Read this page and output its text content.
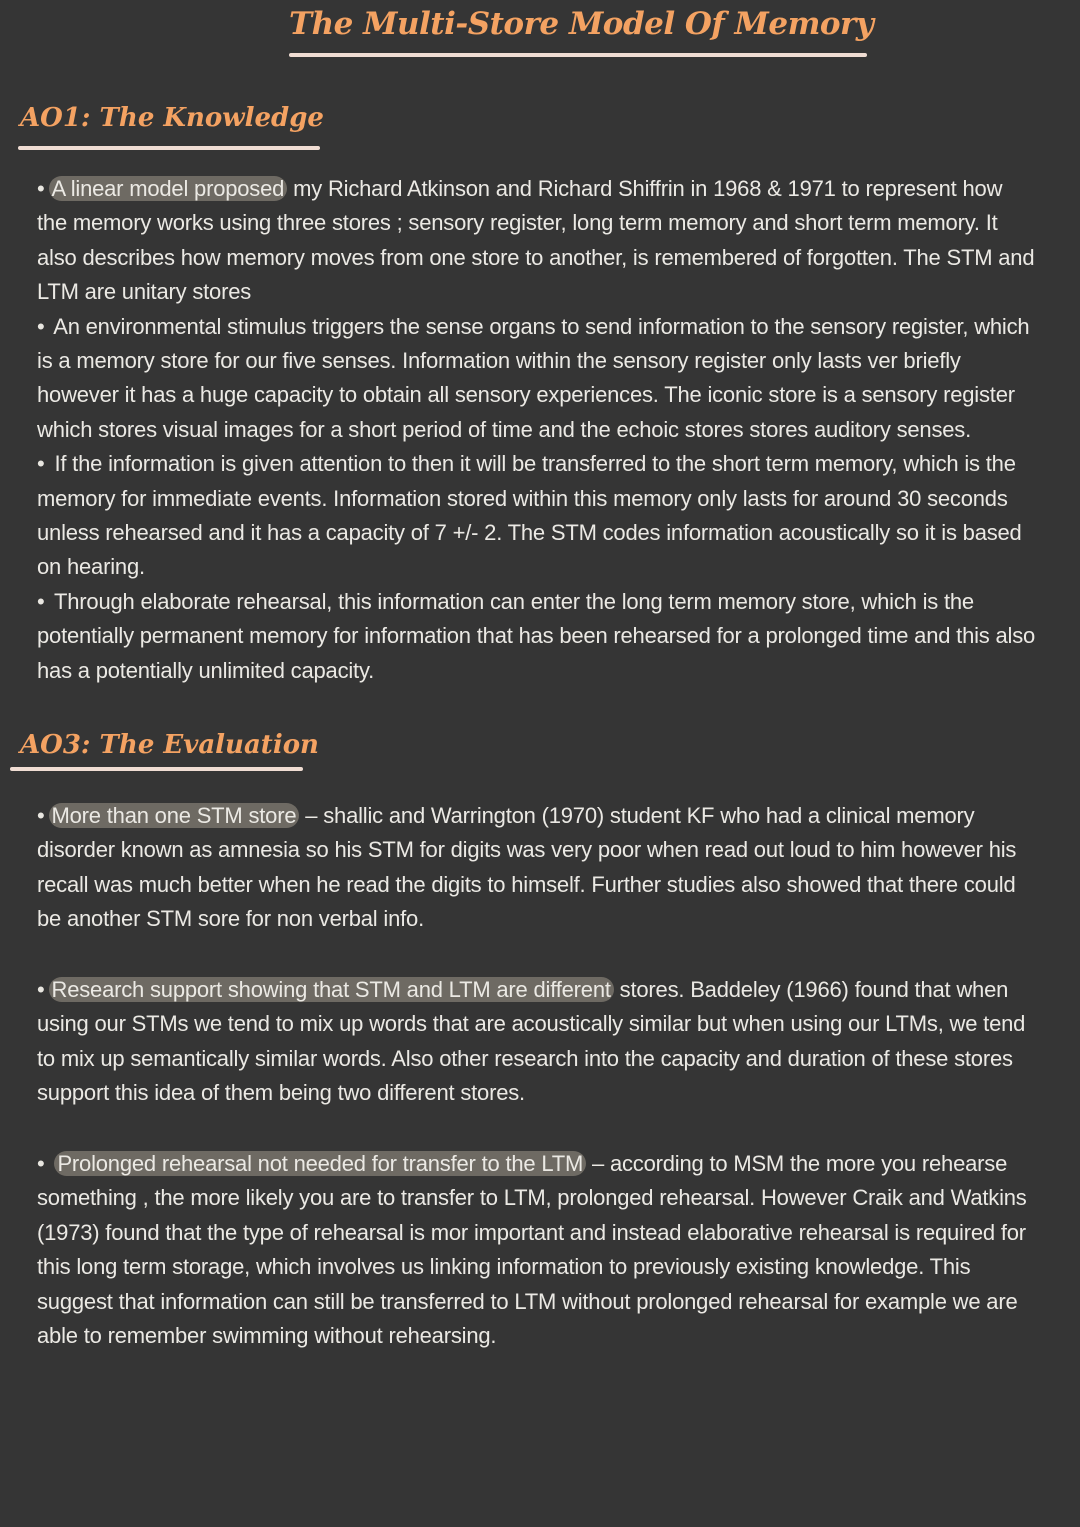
The Multi-Store Model Of Memory
AO1: The Knowledge

• A linear model proposed my Richard Atkinson and Richard Shiffrin in 1968 & 1971 to represent how the memory works using three stores ; sensory register, long term memory and short term memory. It also describes how memory moves from one store to another, is remembered of forgotten. The STM and LTM are unitary stores

• An environmental stimulus triggers the sense organs to send information to the sensory register, which is a memory store for our five senses. Information within the sensory register only lasts ver briefly however it has a huge capacity to obtain all sensory experiences. The iconic store is a sensory register which stores visual images for a short period of time and the echoic stores stores auditory senses.

• If the information is given attention to then it will be transferred to the short term memory, which is the memory for immediate events. Information stored within this memory only lasts for around 30 seconds unless rehearsed and it has a capacity of 7 +/- 2. The STM codes information acoustically so it is based on hearing.

• Through elaborate rehearsal, this information can enter the long term memory store, which is the potentially permanent memory for information that has been rehearsed for a prolonged time and this also has a potentially unlimited capacity.

AO3: The Evaluation

• More than one STM store – shallic and Warrington (1970) student KF who had a clinical memory disorder known as amnesia so his STM for digits was very poor when read out loud to him however his recall was much better when he read the digits to himself. Further studies also showed that there could be another STM sore for non verbal info.

• Research support showing that STM and LTM are different stores. Baddeley (1966) found that when using our STMs we tend to mix up words that are acoustically similar but when using our LTMs, we tend to mix up semantically similar words. Also other research into the capacity and duration of these stores support this idea of them being two different stores.

• Prolonged rehearsal not needed for transfer to the LTM – according to MSM the more you rehearse something , the more likely you are to transfer to LTM, prolonged rehearsal. However Craik and Watkins (1973) found that the type of rehearsal is mor important and instead elaborative rehearsal is required for this long term storage, which involves us linking information to previously existing knowledge. This suggest that information can still be transferred to LTM without prolonged rehearsal for example we are able to remember swimming without rehearsing.
